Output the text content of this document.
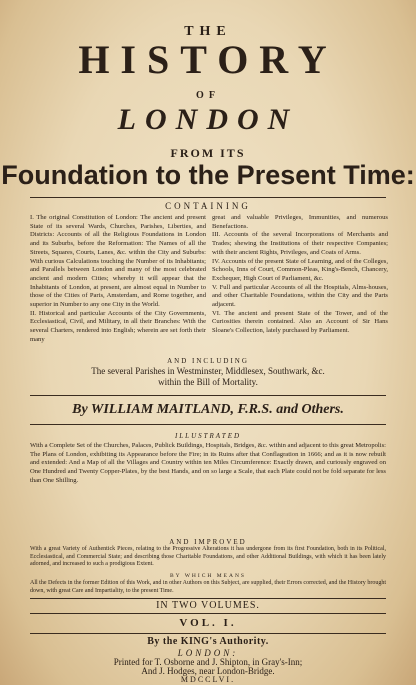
THE
HISTORY
OF
LONDON
FROM ITS
Foundation to the Present Time:
CONTAINING

I. The original Constitution of London: The ancient and present State of its several Wards, Churches, Parishes, Liberties, and Districts: Accounts of all the Religious Foundations in London and its Suburbs, before the Reformation: The Names of all the Streets, Squares, Courts, Lanes, &c. within the City and Suburbs: With curious Calculations touching the Number of its Inhabitants; and Parallels between London and many of the most celebrated ancient and modern Cities; whereby it will appear that the Inhabitants of London, at present, are almost equal in Number to those of the Cities of Paris, Amsterdam, and Rome together, and superior in Number to any one City in the World.

II. Historical and particular Accounts of the City Governments, Ecclesiastical, Civil, and Military, in all their Branches: With the several Charters, rendered into English; wherein are set forth their many

great and valuable Privileges, Immunities, and numerous Benefactions.

III. Accounts of the several Incorporations of Merchants and Trades; shewing the Institutions of their respective Companies; with their ancient Rights, Privileges, and Coats of Arms.

IV. Accounts of the present State of Learning, and of the Colleges, Schools, Inns of Court, Common-Pleas, King's-Bench, Chancery, Exchequer, High Court of Parliament, &c.

V. Full and particular Accounts of all the Hospitals, Alms-houses, and other Charitable Foundations, within the City and the Parts adjacent.

VI. The ancient and present State of the Tower, and of the Curiosities therein contained. Also an Account of Sir Hans Sloane's Collection, lately purchased by Parliament.

AND INCLUDING
The several Parishes in Westminster, Middlesex, Southwark, &c.
within the Bill of Mortality.
By WILLIAM MAITLAND, F.R.S. and Others.
ILLUSTRATED

With a Complete Set of the Churches, Palaces, Publick Buildings, Hospitals, Bridges, &c. within and adjacent to this great Metropolis: The Plans of London, exhibiting its Appearance before the Fire; in its Ruins after that Conflagration in 1666; and as it is now rebuilt and extended: And a Map of all the Villages and Country within ten Miles Circumference: Exactly drawn, and curiously engraved on One Hundred and Twenty Copper-Plates, by the best Hands, and on so large a Scale, that each Plate could not be fold separate for less than One Shilling.

AND IMPROVED

With a great Variety of Authentick Pieces, relating to the Progressive Alterations it has undergone from its first Foundation, both in its Political, Ecclesiastical, and Commercial State; and describing those Charitable Foundations, and other Additional Buildings, with which it has been lately adorned, and increased to such a prodigious Extent.

BY WHICH MEANS

All the Defects in the former Edition of this Work, and in other Authors on this Subject, are supplied, their Errors corrected, and the History brought down, with great Care and Impartiality, to the present Time.

IN TWO VOLUMES.
VOL. I.
By the KING's Authority.
LONDON:
Printed for T. Osborne and J. Shipton, in Gray's-Inn;
And J. Hodges, near London-Bridge.
MDCCLVI.
